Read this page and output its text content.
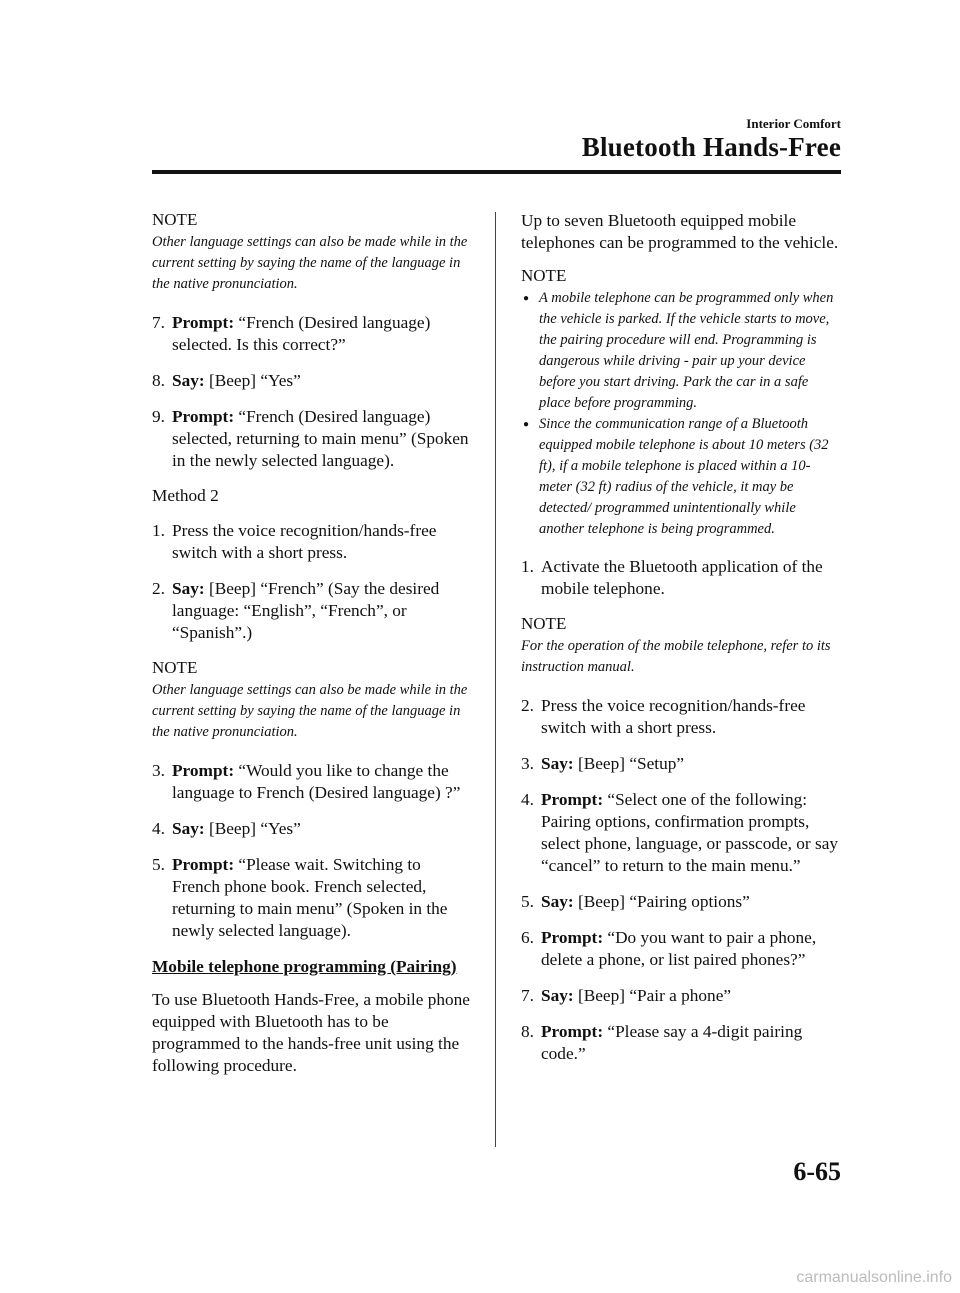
Interior Comfort
Bluetooth Hands-Free
NOTE
Other language settings can also be made while in the current setting by saying the name of the language in the native pronunciation.
7. Prompt: “French (Desired language) selected. Is this correct?”
8. Say: [Beep] “Yes”
9. Prompt: “French (Desired language) selected, returning to main menu” (Spoken in the newly selected language).
Method 2
1. Press the voice recognition/hands-free switch with a short press.
2. Say: [Beep] “French” (Say the desired language: “English”, “French”, or “Spanish”.)
NOTE
Other language settings can also be made while in the current setting by saying the name of the language in the native pronunciation.
3. Prompt: “Would you like to change the language to French (Desired language) ?”
4. Say: [Beep] “Yes”
5. Prompt: “Please wait. Switching to French phone book. French selected, returning to main menu” (Spoken in the newly selected language).
Mobile telephone programming (Pairing)
To use Bluetooth Hands-Free, a mobile phone equipped with Bluetooth has to be programmed to the hands-free unit using the following procedure.
Up to seven Bluetooth equipped mobile telephones can be programmed to the vehicle.
NOTE
● A mobile telephone can be programmed only when the vehicle is parked. If the vehicle starts to move, the pairing procedure will end. Programming is dangerous while driving - pair up your device before you start driving. Park the car in a safe place before programming.
● Since the communication range of a Bluetooth equipped mobile telephone is about 10 meters (32 ft), if a mobile telephone is placed within a 10-meter (32 ft) radius of the vehicle, it may be detected/ programmed unintentionally while another telephone is being programmed.
1. Activate the Bluetooth application of the mobile telephone.
NOTE
For the operation of the mobile telephone, refer to its instruction manual.
2. Press the voice recognition/hands-free switch with a short press.
3. Say: [Beep] “Setup”
4. Prompt: “Select one of the following: Pairing options, confirmation prompts, select phone, language, or passcode, or say “cancel” to return to the main menu.”
5. Say: [Beep] “Pairing options”
6. Prompt: “Do you want to pair a phone, delete a phone, or list paired phones?”
7. Say: [Beep] “Pair a phone”
8. Prompt: “Please say a 4-digit pairing code.”
6-65
carmanualsonline.info
